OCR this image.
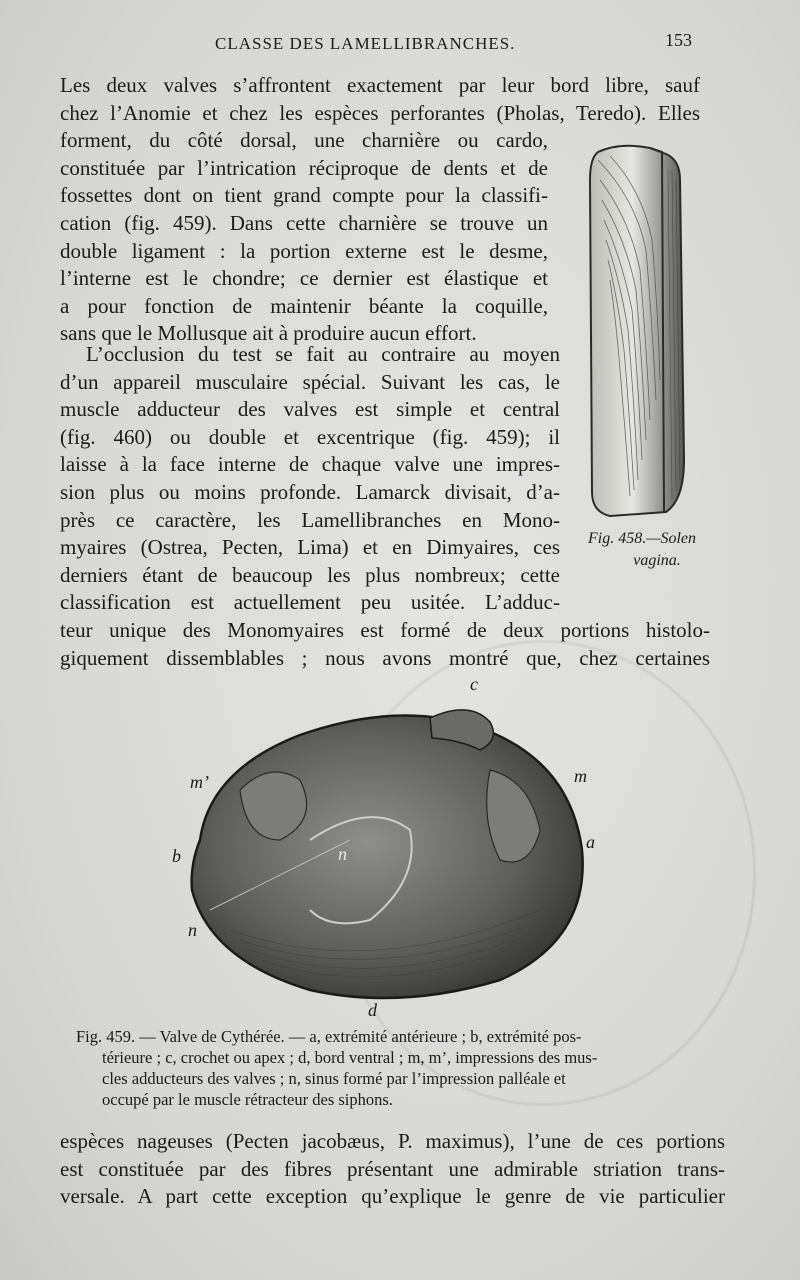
CLASSE DES LAMELLIBRANCHES.	153
Les deux valves s’affrontent exactement par leur bord libre, sauf
chez l’Anomie et chez les espèces perforantes (Pholas, Teredo). Elles
forment, du côté dorsal, une charnière ou cardo,
constituée par l’intrication réciproque de dents et de
fossettes dont on tient grand compte pour la classifi-
cation (fig. 459). Dans cette charnière se trouve un
double ligament : la portion externe est le desme,
l’interne est le chondre; ce dernier est élastique et
a pour fonction de maintenir béante la coquille,
sans que le Mollusque ait à produire aucun effort.
L’occlusion du test se fait au contraire au moyen
d’un appareil musculaire spécial. Suivant les cas, le
muscle adducteur des valves est simple et central
(fig. 460) ou double et excentrique (fig. 459); il
laisse à la face interne de chaque valve une impres-
sion plus ou moins profonde. Lamarck divisait, d’a-
près ce caractère, les Lamellibranches en Mono-
myaires (Ostrea, Pecten, Lima) et en Dimyaires, ces
derniers étant de beaucoup les plus nombreux; cette
classification est actuellement peu usitée. L’adduc-
teur unique des Monomyaires est formé de deux portions histolo-
giquement dissemblables ; nous avons montré que, chez certaines
Fig. 458.—Solen
vagina.
c
m’	m
b
a
n
n
d
Fig. 459. — Valve de Cythérée. — a, extrémité antérieure ; b, extrémité pos-
térieure ; c, crochet ou apex ; d, bord ventral ; m, m’, impressions des mus-
cles adducteurs des valves ; n, sinus formé par l’impression palléale et
occupé par le muscle rétracteur des siphons.
espèces nageuses (Pecten jacobæus, P. maximus), l’une de ces portions
est constituée par des fibres présentant une admirable striation trans-
versale. A part cette exception qu’explique le genre de vie particulier
